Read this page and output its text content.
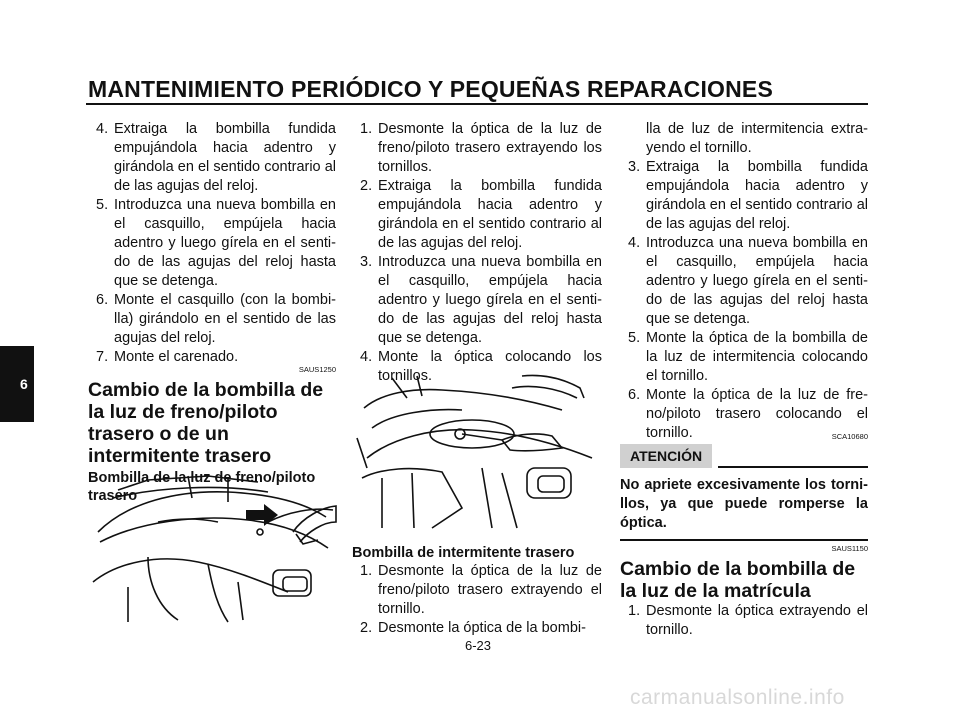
MANTENIMIENTO PERIÓDICO Y PEQUEÑAS REPARACIONES
6
4. Extraiga la bombilla fundida empujándola hacia adentro y girándola en el sentido contrario al de las agujas del reloj.
5. Introduzca una nueva bombilla en el casquillo, empújela hacia adentro y luego gírela en el senti-do de las agujas del reloj hasta que se detenga.
6. Monte el casquillo (con la bombi-lla) girándolo en el sentido de las agujas del reloj.
7. Monte el carenado.
SAUS1250
Cambio de la bombilla de la luz de freno/piloto trasero o de un intermitente trasero
Bombilla de la luz de freno/piloto trasero
1. Desmonte la óptica de la luz de freno/piloto trasero extrayendo los tornillos.
2. Extraiga la bombilla fundida empujándola hacia adentro y girándola en el sentido contrario al de las agujas del reloj.
3. Introduzca una nueva bombilla en el casquillo, empújela hacia adentro y luego gírela en el senti-do de las agujas del reloj hasta que se detenga.
4. Monte la óptica colocando los tornillos.
Bombilla de intermitente trasero
1. Desmonte la óptica de la luz de freno/piloto trasero extrayendo el tornillo.
2. Desmonte la óptica de la bombi-
lla de luz de intermitencia extra-yendo el tornillo.
3. Extraiga la bombilla fundida empujándola hacia adentro y girándola en el sentido contrario al de las agujas del reloj.
4. Introduzca una nueva bombilla en el casquillo, empújela hacia adentro y luego gírela en el senti-do de las agujas del reloj hasta que se detenga.
5. Monte la óptica de la bombilla de la luz de intermitencia colocando el tornillo.
6. Monte la óptica de la luz de fre-no/piloto trasero colocando el tornillo.	SCA10680
ATENCIÓN
No apriete excesivamente los torni-llos, ya que puede romperse la óptica.
SAUS1150
Cambio de la bombilla de la luz de la matrícula
1. Desmonte la óptica extrayendo el tornillo.
6-23
carmanualsonline.info
